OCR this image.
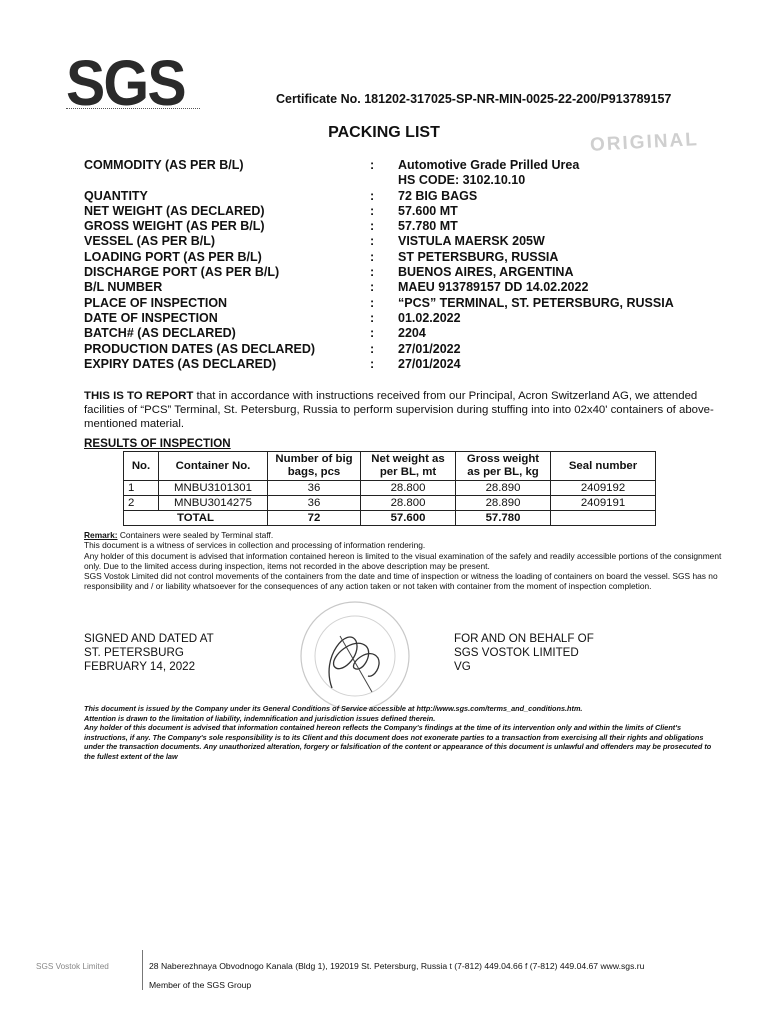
SGS	Certificate No. 181202-317025-SP-NR-MIN-0025-22-200/P913789157
PACKING LIST	ORIGINAL
COMMODITY (AS PER B/L)	:	Automotive Grade Prilled Urea
HS CODE: 3102.10.10
QUANTITY	:	72 BIG BAGS
NET WEIGHT (AS DECLARED)	:	57.600 MT
GROSS WEIGHT (AS PER B/L)	:	57.780 MT
VESSEL (AS PER B/L)	:	VISTULA MAERSK 205W
LOADING PORT (AS PER B/L)	:	ST PETERSBURG, RUSSIA
DISCHARGE PORT (AS PER B/L)	:	BUENOS AIRES, ARGENTINA
B/L NUMBER	:	MAEU 913789157 DD 14.02.2022
PLACE OF INSPECTION	:	“PCS” TERMINAL, ST. PETERSBURG, RUSSIA
DATE OF INSPECTION	:	01.02.2022
BATCH# (AS DECLARED)	:	2204
PRODUCTION DATES (AS DECLARED)	:	27/01/2022
EXPIRY DATES (AS DECLARED)	:	27/01/2024
THIS IS TO REPORT that in accordance with instructions received from our Principal, Acron Switzerland AG, we attended facilities of “PCS” Terminal, St. Petersburg, Russia to perform supervision during stuffing into into 02x40' containers of above-mentioned material.
RESULTS OF INSPECTION
No.	Container No.	Number of big bags, pcs	Net weight as per BL, mt	Gross weight as per BL, kg	Seal number
1	MNBU3101301	36	28.800	28.890	2409192
2	MNBU3014275	36	28.800	28.890	2409191
TOTAL		72	57.600	57.780	
Remark: Containers were sealed by Terminal staff.
This document is a witness of services in collection and processing of information rendering.
Any holder of this document is advised that information contained hereon is limited to the visual examination of the safely and readily accessible portions of the consignment only. Due to the limited access during inspection, items not recorded in the above description may be present.
SGS Vostok Limited did not control movements of the containers from the date and time of inspection or witness the loading of containers on board the vessel. SGS has no responsibility and / or liability whatsoever for the consequences of any action taken or not taken with container from the moment of inspection completion.
SIGNED AND DATED AT
ST. PETERSBURG
FEBRUARY 14, 2022
FOR AND ON BEHALF OF
SGS VOSTOK LIMITED
VG
This document is issued by the Company under its General Conditions of Service accessible at http://www.sgs.com/terms_and_conditions.htm.
Attention is drawn to the limitation of liability, indemnification and jurisdiction issues defined therein.
Any holder of this document is advised that information contained hereon reflects the Company's findings at the time of its intervention only and within the limits of Client's instructions, if any. The Company's sole responsibility is to its Client and this document does not exonerate parties to a transaction from exercising all their rights and obligations under the transaction documents. Any unauthorized alteration, forgery or falsification of the content or appearance of this document is unlawful and offenders may be prosecuted to the fullest extent of the law
SGS Vostok Limited	28 Naberezhnaya Obvodnogo Kanala (Bldg 1), 192019 St. Petersburg, Russia t (7-812) 449.04.66 f (7-812) 449.04.67 www.sgs.ru
Member of the SGS Group
